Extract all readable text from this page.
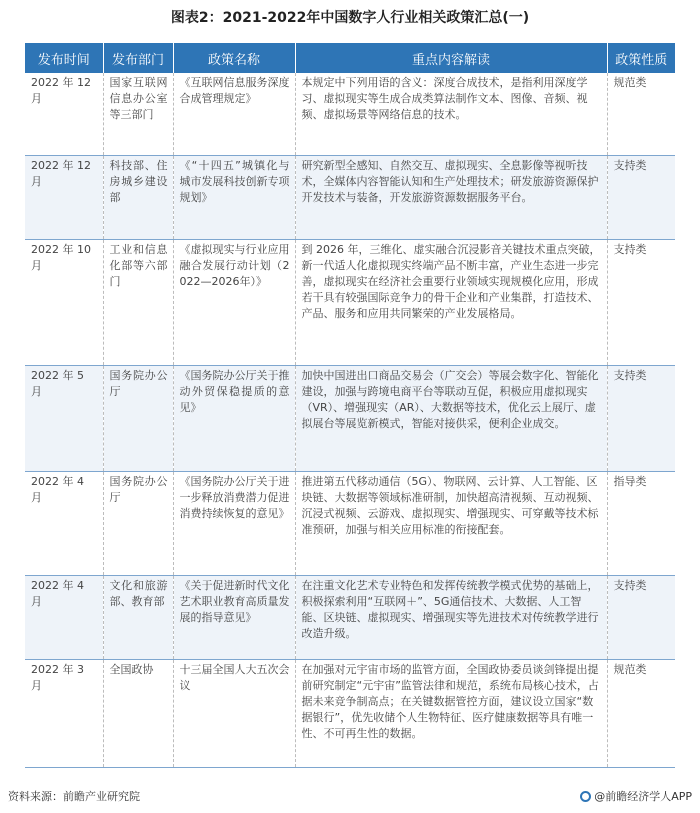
图表2：2021-2022年中国数字人行业相关政策汇总(一)
发布时间	发布部门	政策名称	重点内容解读	政策性质
2022 年 12 月	国家互联网信息办公室等三部门	《互联网信息服务深度合成管理规定》	本规定中下列用语的含义：深度合成技术，是指利用深度学习、虚拟现实等生成合成类算法制作文本、图像、音频、视频、虚拟场景等网络信息的技术。	规范类
2022 年 12 月	科技部、住房城乡建设部	《“十四五”城镇化与城市发展科技创新专项规划》	研究新型全感知、自然交互、虚拟现实、全息影像等视听技术，全媒体内容智能认知和生产处理技术；研发旅游资源保护开发技术与装备，开发旅游资源数据服务平台。	支持类
2022 年 10 月	工业和信息化部等六部门	《虚拟现实与行业应用融合发展行动计划（2022—2026年）》	到 2026 年，三维化、虚实融合沉浸影音关键技术重点突破，新一代适人化虚拟现实终端产品不断丰富，产业生态进一步完善，虚拟现实在经济社会重要行业领域实现规模化应用，形成若干具有较强国际竞争力的骨干企业和产业集群，打造技术、产品、服务和应用共同繁荣的产业发展格局。	支持类
2022 年 5 月	国务院办公厅	《国务院办公厅关于推动外贸保稳提质的意见》	加快中国进出口商品交易会（广交会）等展会数字化、智能化建设，加强与跨境电商平台等联动互促，积极应用虚拟现实（VR）、增强现实（AR）、大数据等技术，优化云上展厅、虚拟展台等展览新模式，智能对接供采，便利企业成交。	支持类
2022 年 4 月	国务院办公厅	《国务院办公厅关于进一步释放消费潜力促进消费持续恢复的意见》	推进第五代移动通信（5G）、物联网、云计算、人工智能、区块链、大数据等领域标准研制，加快超高清视频、互动视频、沉浸式视频、云游戏、虚拟现实、增强现实、可穿戴等技术标准预研，加强与相关应用标准的衔接配套。	指导类
2022 年 4 月	文化和旅游部、教育部	《关于促进新时代文化艺术职业教育高质量发展的指导意见》	在注重文化艺术专业特色和发挥传统教学模式优势的基础上，积极探索利用“互联网＋”、5G通信技术、大数据、人工智能、区块链、虚拟现实、增强现实等先进技术对传统教学进行改造升级。	支持类
2022 年 3 月	全国政协	十三届全国人大五次会议	在加强对元宇宙市场的监管方面，全国政协委员谈剑锋提出提前研究制定“元宇宙”监管法律和规范，系统布局核心技术，占据未来竞争制高点；在关键数据管控方面，建议设立国家“数据银行”，优先收储个人生物特征、医疗健康数据等具有唯一性、不可再生性的数据。	规范类
资料来源：前瞻产业研究院	@前瞻经济学人APP
